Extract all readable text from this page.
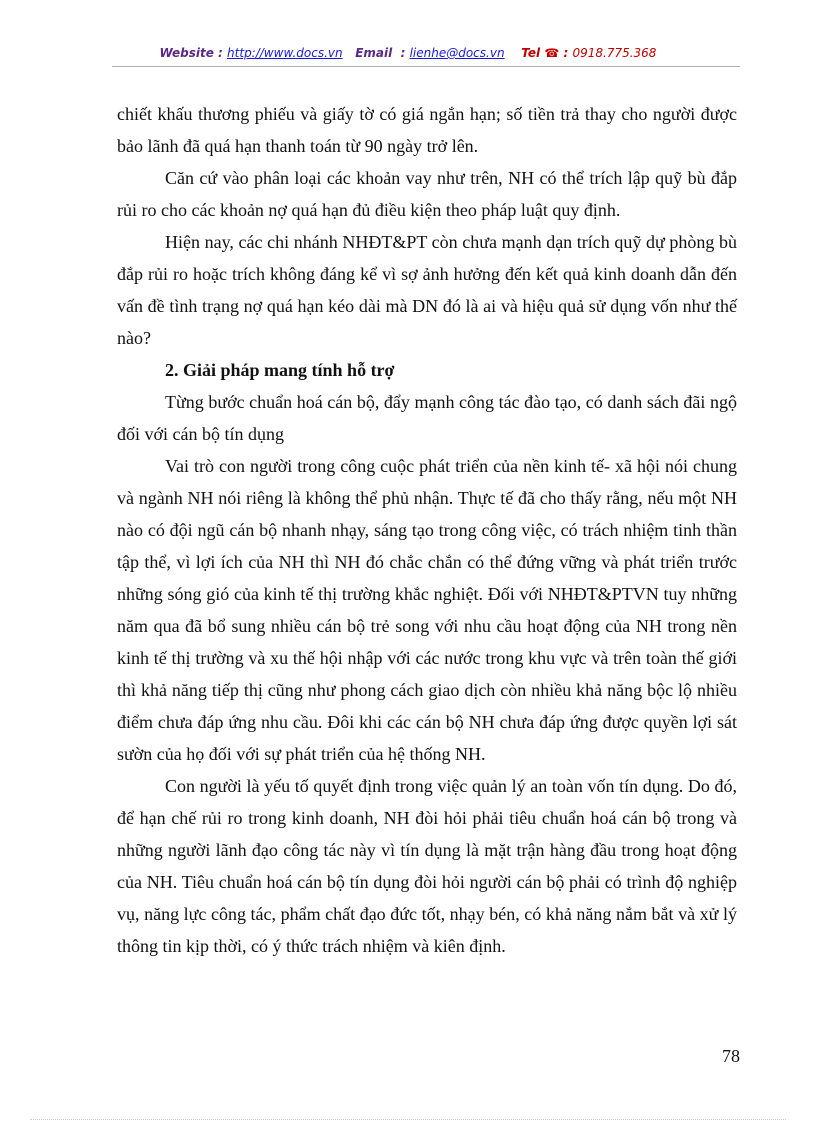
Website : http://www.docs.vn Email : lienhe@docs.vn Tel ☎ : 0918.775.368

chiết khấu thương phiếu và giấy tờ có giá ngắn hạn; số tiền trả thay cho người được bảo lãnh đã quá hạn thanh toán từ 90 ngày trở lên.

Căn cứ vào phân loại các khoản vay như trên, NH có thể trích lập quỹ bù đắp rủi ro cho các khoản nợ quá hạn đủ điều kiện theo pháp luật quy định.

Hiện nay, các chi nhánh NHĐT&PT còn chưa mạnh dạn trích quỹ dự phòng bù đắp rủi ro hoặc trích không đáng kể vì sợ ảnh hưởng đến kết quả kinh doanh dẫn đến vấn đề tình trạng nợ quá hạn kéo dài mà DN đó là ai và hiệu quả sử dụng vốn như thế nào?

2. Giải pháp mang tính hỗ trợ

Từng bước chuẩn hoá cán bộ, đẩy mạnh công tác đào tạo, có danh sách đãi ngộ đối với cán bộ tín dụng

Vai trò con người trong công cuộc phát triển của nền kinh tế- xã hội nói chung và ngành NH nói riêng là không thể phủ nhận. Thực tế đã cho thấy rằng, nếu một NH nào có đội ngũ cán bộ nhanh nhạy, sáng tạo trong công việc, có trách nhiệm tinh thần tập thể, vì lợi ích của NH thì NH đó chắc chắn có thể đứng vững và phát triển trước những sóng gió của kinh tế thị trường khắc nghiệt. Đối với NHĐT&PTVN tuy những năm qua đã bổ sung nhiều cán bộ trẻ song với nhu cầu hoạt động của NH trong nền kinh tế thị trường và xu thế hội nhập với các nước trong khu vực và trên toàn thế giới thì khả năng tiếp thị cũng như phong cách giao dịch còn nhiều khả năng bộc lộ nhiều điểm chưa đáp ứng nhu cầu. Đôi khi các cán bộ NH chưa đáp ứng được quyền lợi sát sườn của họ đối với sự phát triển của hệ thống NH.

Con người là yếu tố quyết định trong việc quản lý an toàn vốn tín dụng. Do đó, để hạn chế rủi ro trong kinh doanh, NH đòi hỏi phải tiêu chuẩn hoá cán bộ trong và những người lãnh đạo công tác này vì tín dụng là mặt trận hàng đầu trong hoạt động của NH. Tiêu chuẩn hoá cán bộ tín dụng đòi hỏi người cán bộ phải có trình độ nghiệp vụ, năng lực công tác, phẩm chất đạo đức tốt, nhạy bén, có khả năng nắm bắt và xử lý thông tin kịp thời, có ý thức trách nhiệm và kiên định.

78
